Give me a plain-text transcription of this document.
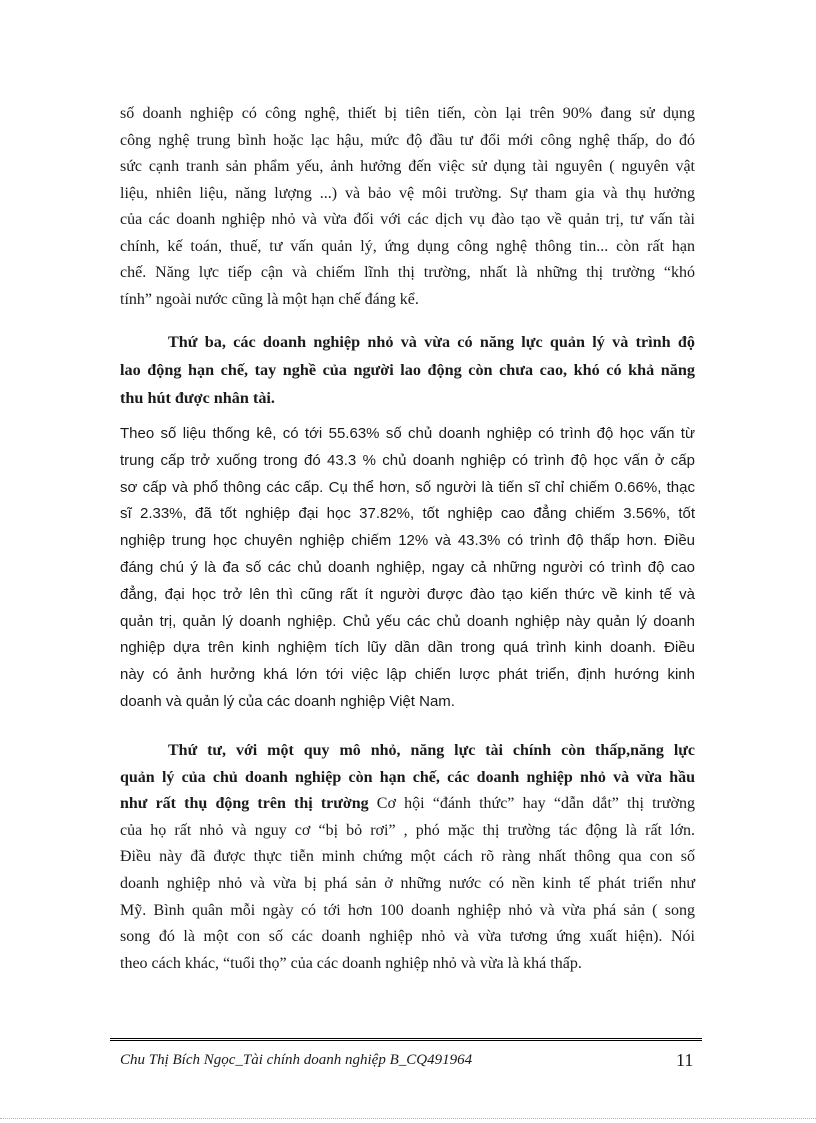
số doanh nghiệp có công nghệ, thiết bị tiên tiến, còn lại trên 90% đang sử dụng
công nghệ trung bình hoặc lạc hậu, mức độ đầu tư đổi mới công nghệ thấp, do đó
sức cạnh tranh sản phẩm yếu, ảnh hưởng đến việc sử dụng tài nguyên ( nguyên vật
liệu, nhiên liệu, năng lượng ...) và bảo vệ môi trường. Sự tham gia và thụ hưởng
của các doanh nghiệp nhỏ và vừa đối với các dịch vụ đào tạo về quản trị, tư vấn tài
chính, kế toán, thuế, tư vấn quản lý, ứng dụng công nghệ thông tin... còn rất hạn
chế. Năng lực tiếp cận và chiếm lĩnh thị trường, nhất là những thị trường “khó
tính” ngoài nước cũng là một hạn chế đáng kể.
Thứ ba, các doanh nghiệp nhỏ và vừa có năng lực quản lý và trình độ
lao động hạn chế, tay nghề của người lao động còn chưa cao, khó có khả năng
thu hút được nhân tài.
Theo số liệu thống kê, có tới 55.63% số chủ doanh nghiệp có trình độ học vấn từ
trung cấp trở xuống trong đó 43.3 % chủ doanh nghiệp có trình độ học vấn ở cấp
sơ cấp và phổ thông các cấp. Cụ thể hơn, số người là tiến sĩ chỉ chiếm 0.66%, thạc
sĩ 2.33%, đã tốt nghiệp đại học 37.82%, tốt nghiệp cao đẳng chiếm 3.56%, tốt
nghiệp trung học chuyên nghiệp chiếm 12% và 43.3% có trình độ thấp hơn. Điều
đáng chú ý là đa số các chủ doanh nghiệp, ngay cả những người có trình độ cao
đẳng, đại học trở lên thì cũng rất ít người được đào tạo kiến thức về kinh tế và
quản trị, quản lý doanh nghiệp. Chủ yếu các chủ doanh nghiệp này quản lý doanh
nghiệp dựa trên kinh nghiệm tích lũy dần dần trong quá trình kinh doanh. Điều
này có ảnh hưởng khá lớn tới việc lập chiến lược phát triển, định hướng kinh
doanh và quản lý của các doanh nghiệp Việt Nam.
Thứ tư, với một quy mô nhỏ, năng lực tài chính còn thấp,năng lực
quản lý của chủ doanh nghiệp còn hạn chế, các doanh nghiệp nhỏ và vừa hầu
như rất thụ động trên thị trường Cơ hội “đánh thức” hay “dẫn dắt” thị trường
của họ rất nhỏ và nguy cơ “bị bỏ rơi” , phó mặc thị trường tác động là rất lớn.
Điều này đã được thực tiễn minh chứng một cách rõ ràng nhất thông qua con số
doanh nghiệp nhỏ và vừa bị phá sản ở những nước có nền kinh tế phát triển như
Mỹ. Bình quân mỗi ngày có tới hơn 100 doanh nghiệp nhỏ và vừa phá sản ( song
song đó là một con số các doanh nghiệp nhỏ và vừa tương ứng xuất hiện). Nói
theo cách khác, “tuổi thọ” của các doanh nghiệp nhỏ và vừa là khá thấp.
Chu Thị Bích Ngọc_Tài chính doanh nghiệp B_CQ491964	11
